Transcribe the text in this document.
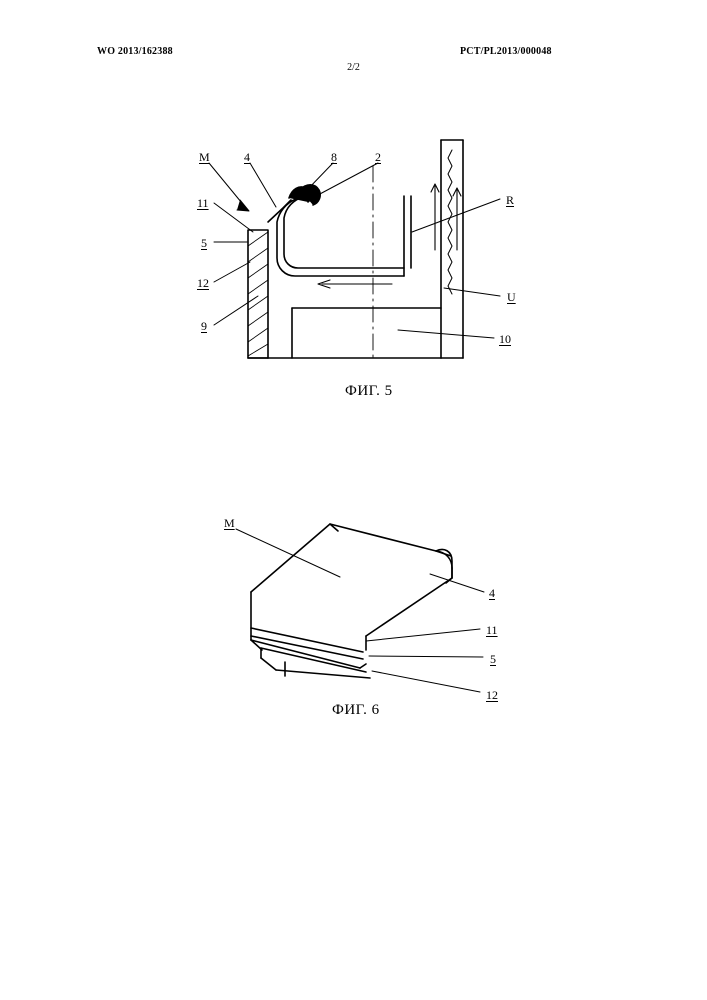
WO 2013/162388	PCT/PL2013/000048
2/2
M	4	8	2
11	R
5
12
U
9
10
ФИГ. 5
M
4
11
5
12
ФИГ. 6
